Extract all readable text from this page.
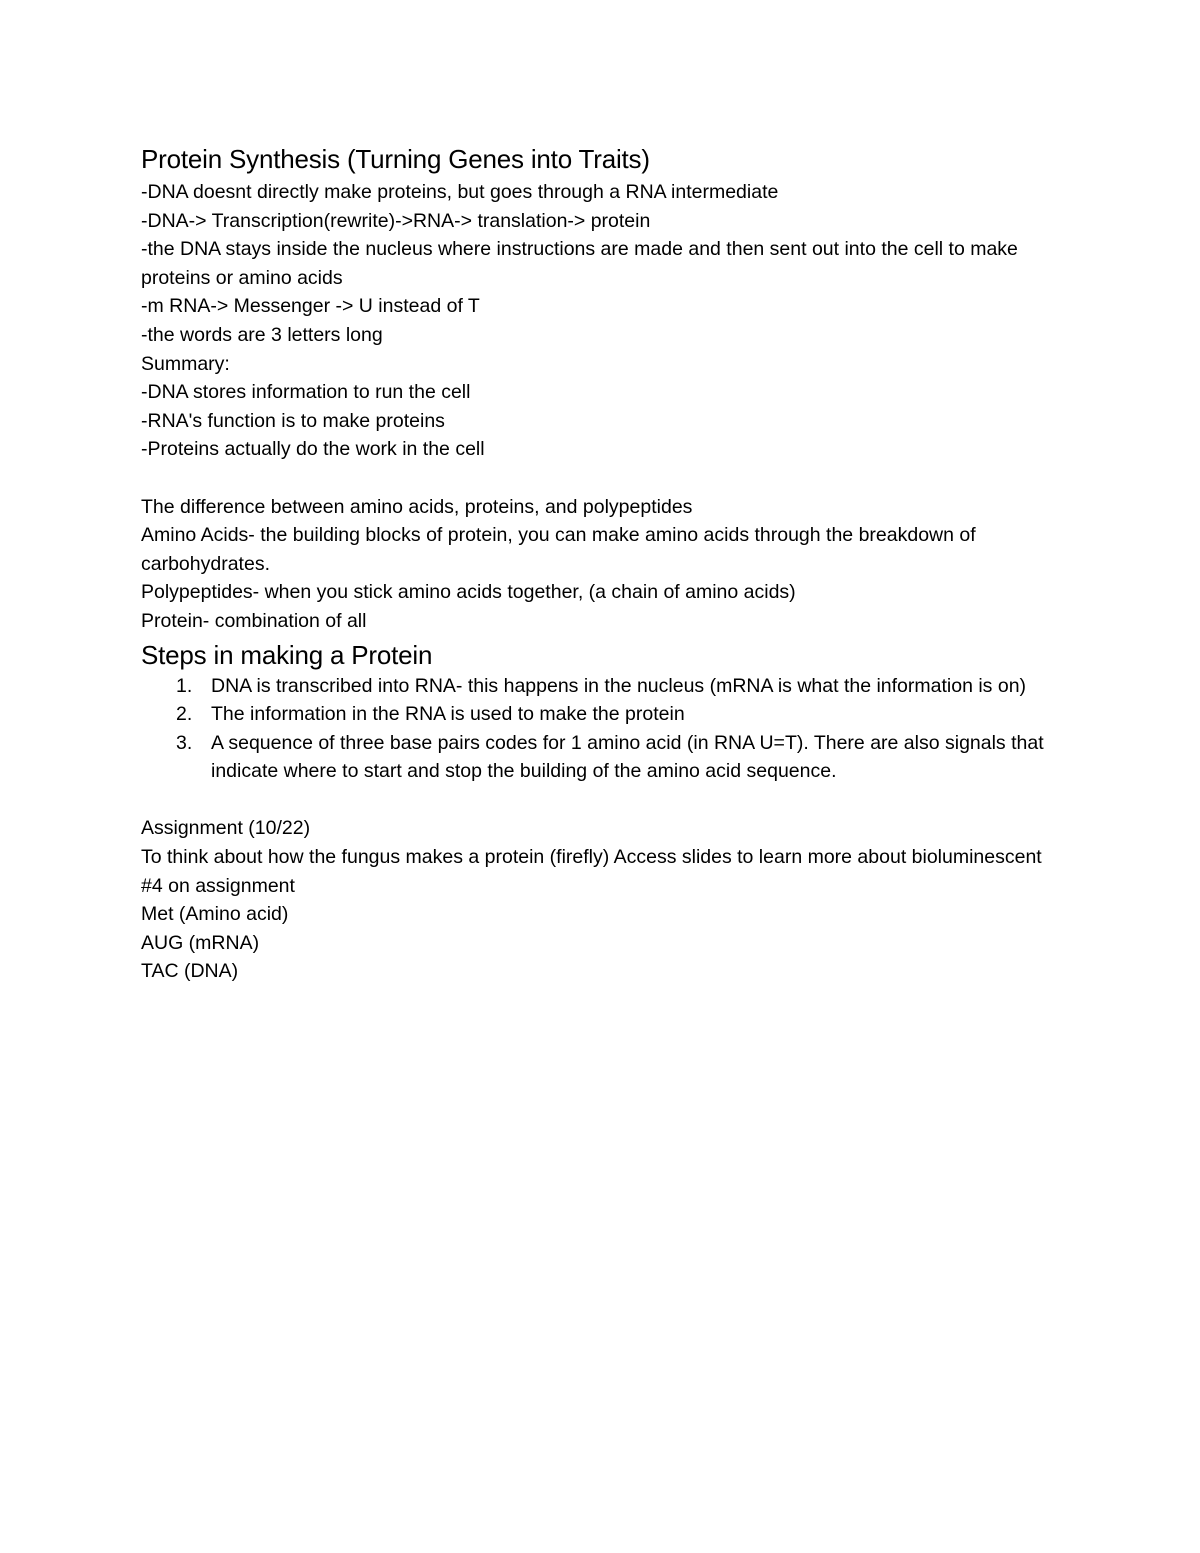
Protein Synthesis (Turning Genes into Traits)

-DNA doesnt directly make proteins, but goes through a RNA intermediate

-DNA-> Transcription(rewrite)->RNA-> translation-> protein

-the DNA stays inside the nucleus where instructions are made and then sent out into the cell to make proteins or amino acids

-m RNA-> Messenger -> U instead of T

-the words are 3 letters long

Summary:

-DNA stores information to run the cell

-RNA's function is to make proteins

-Proteins actually do the work in the cell

The difference between amino acids, proteins, and polypeptides

Amino Acids- the building blocks of protein, you can make amino acids through the breakdown of carbohydrates.

Polypeptides- when you stick amino acids together, (a chain of amino acids)

Protein- combination of all

Steps in making a Protein
1. DNA is transcribed into RNA- this happens in the nucleus (mRNA is what the information is on)
2. The information in the RNA is used to make the protein
3. A sequence of three base pairs codes for 1 amino acid (in RNA U=T). There are also signals that indicate where to start and stop the building of the amino acid sequence.

Assignment (10/22)

To think about how the fungus makes a protein (firefly) Access slides to learn more about bioluminescent

#4 on assignment

Met (Amino acid)

AUG (mRNA)

TAC (DNA)
